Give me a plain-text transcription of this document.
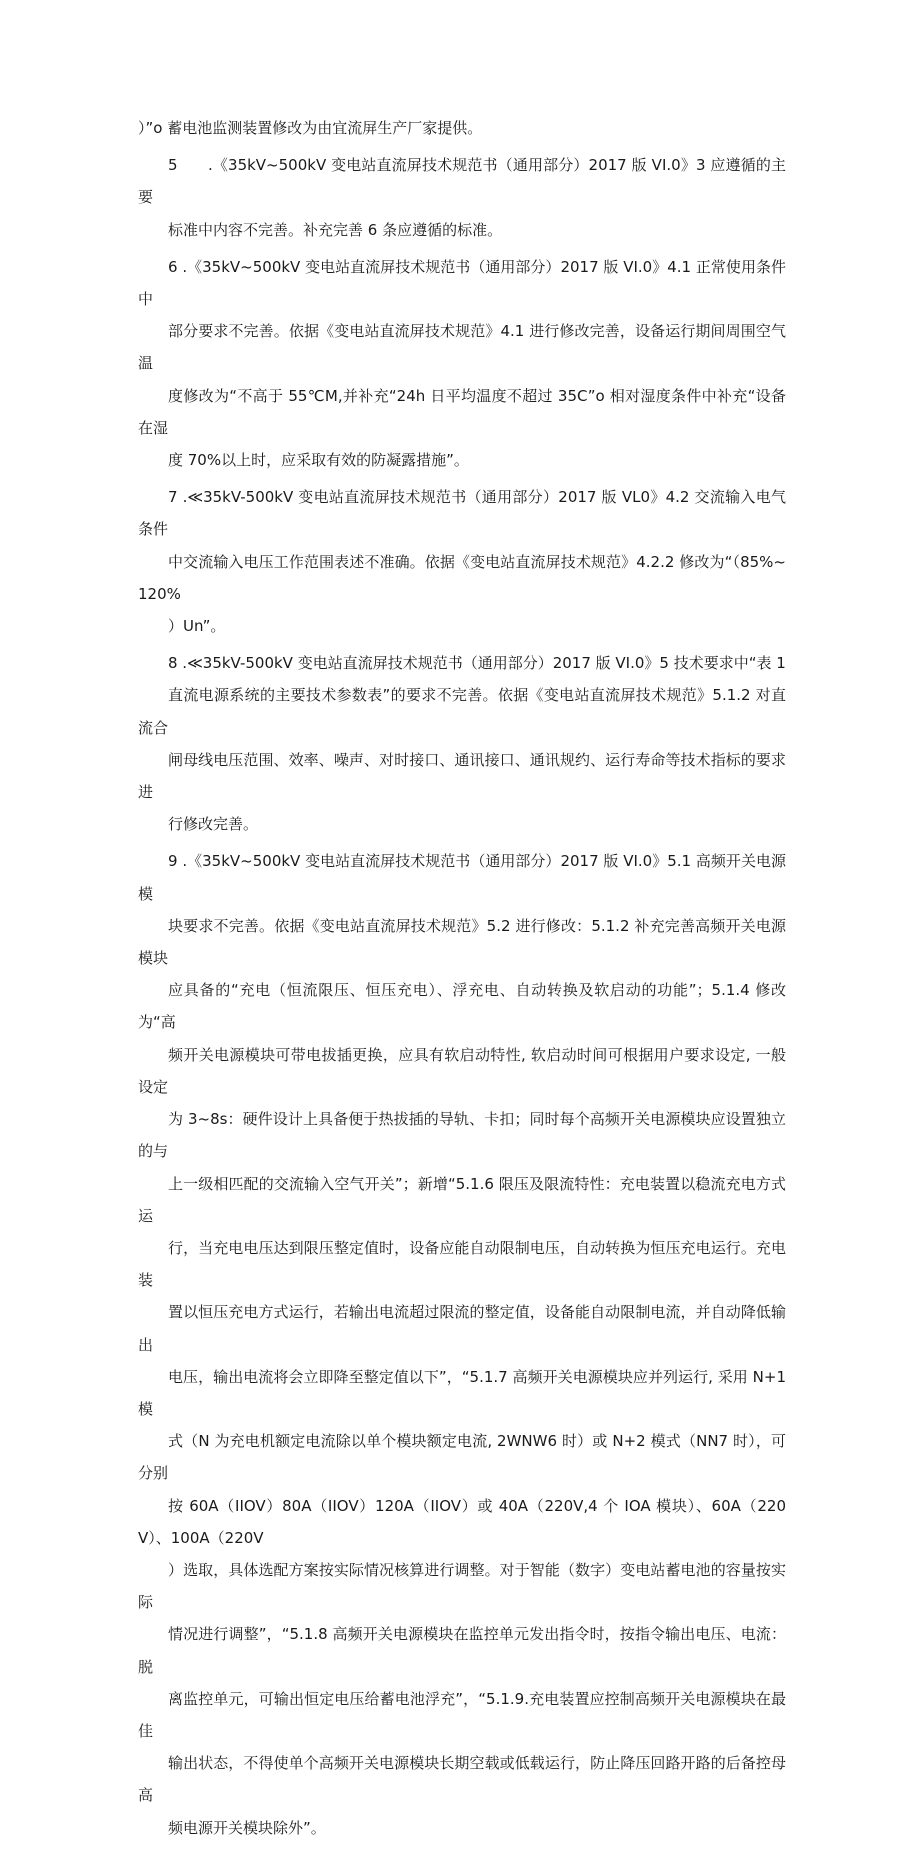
）”o 蓄电池监测装置修改为由宜流屏生产厂家提供。
5　　.《35kV~500kV 变电站直流屏技术规范书（通用部分）2017 版 VI.0》3 应遵循的主要
标准中内容不完善。补充完善 6 条应遵循的标准。
6 .《35kV~500kV 变电站直流屏技术规范书（通用部分）2017 版 VI.0》4.1 正常使用条件中
部分要求不完善。依据《变电站直流屏技术规范》4.1 进行修改完善，设备运行期间周围空气温
度修改为“不高于 55℃Ⅿ,并补充“24h 日平均温度不超过 35C”o 相对湿度条件中补充“设备在湿
度 70%以上时，应采取有效的防凝露措施”。
7 .≪35kV-500kV 变电站直流屏技术规范书（通用部分）2017 版 VL0》4.2 交流输入电气条件
中交流输入电压工作范围表述不准确。依据《变电站直流屏技术规范》4.2.2 修改为“（85%~120%
）Un”。
8 .≪35kV-500kV 变电站直流屏技术规范书（通用部分）2017 版 VI.0》5 技术要求中“表 1
直流电源系统的主要技术参数表”的要求不完善。依据《变电站直流屏技术规范》5.1.2 对直流合
闸母线电压范围、效率、噪声、对时接口、通讯接口、通讯规约、运行寿命等技术指标的要求进
行修改完善。
9 .《35kV~500kV 变电站直流屏技术规范书（通用部分）2017 版 VI.0》5.1 高频开关电源模
块要求不完善。依据《变电站直流屏技术规范》5.2 进行修改：5.1.2 补充完善高频开关电源模块
应具备的“充电（恒流限压、恒压充电）、浮充电、自动转换及软启动的功能”；5.1.4 修改为“高
频开关电源模块可带电拔插更换，应具有软启动特性, 软启动时间可根据用户要求设定, 一般设定
为 3~8s：硬件设计上具备便于热拔插的导轨、卡扣；同时每个高频开关电源模块应设置独立的与
上一级相匹配的交流输入空气开关”；新增“5.1.6 限压及限流特性：充电装置以稳流充电方式运
行，当充电电压达到限压整定值时，设备应能自动限制电压，自动转换为恒压充电运行。充电装
置以恒压充电方式运行，若输出电流超过限流的整定值，设备能自动限制电流，并自动降低输出
电压，输出电流将会立即降至整定值以下”，“5.1.7 高频开关电源模块应并列运行, 采用 N+1 模
式（N 为充电机额定电流除以单个模块额定电流, 2WNW6 时）或 N+2 模式（NN7 时），可分别
按 60A（IIOV）80A（IIOV）120A（IIOV）或 40A（220V,4 个 IOA 模块）、60A（220V）、100A（220V
）选取，具体选配方案按实际情况核算进行调整。对于智能（数字）变电站蓄电池的容量按实际
情况进行调整”，“5.1.8 高频开关电源模块在监控单元发出指令时，按指令输出电压、电流：脱
离监控单元，可输出恒定电压给蓄电池浮充”，“5.1.9.充电装置应控制高频开关电源模块在最佳
输出状态，不得使单个高频开关电源模块长期空载或低载运行，防止降压回路开路的后备控母高
频电源开关模块除外”。
